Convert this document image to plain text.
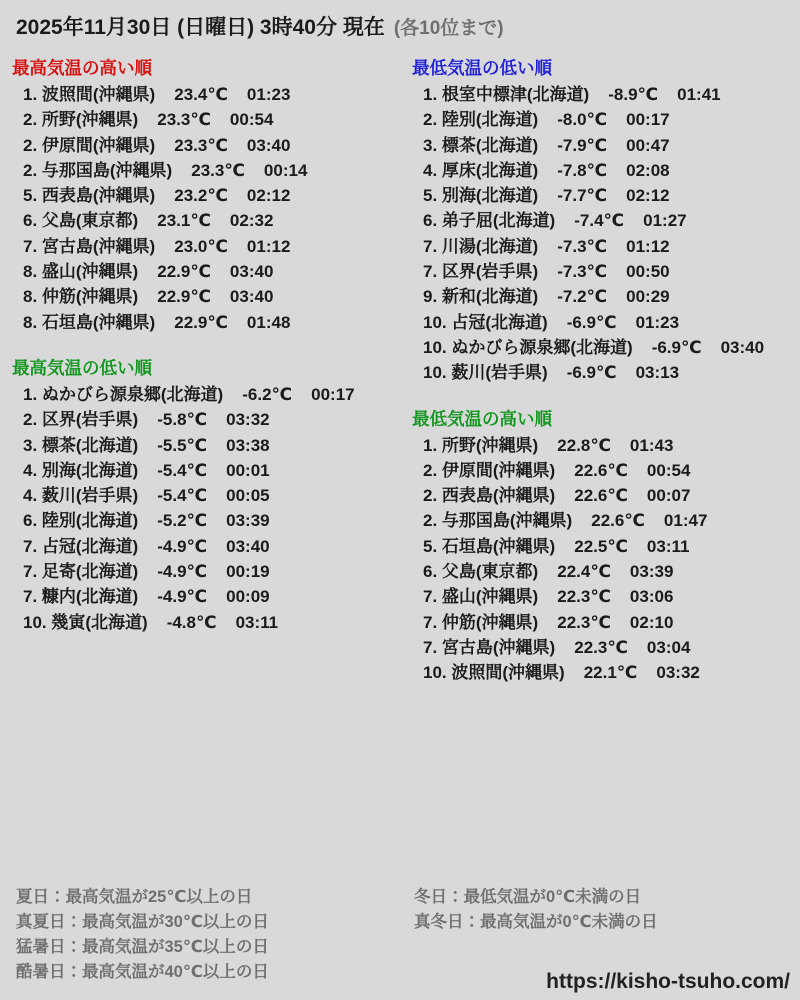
2025年11月30日 (日曜日) 3時40分 現在 (各10位まで)
最高気温の高い順
1. 波照間(沖縄県) 23.4℃ 01:23
2. 所野(沖縄県) 23.3℃ 00:54
2. 伊原間(沖縄県) 23.3℃ 03:40
2. 与那国島(沖縄県) 23.3℃ 00:14
5. 西表島(沖縄県) 23.2℃ 02:12
6. 父島(東京都) 23.1℃ 02:32
7. 宮古島(沖縄県) 23.0℃ 01:12
8. 盛山(沖縄県) 22.9℃ 03:40
8. 仲筋(沖縄県) 22.9℃ 03:40
8. 石垣島(沖縄県) 22.9℃ 01:48
最高気温の低い順
1. ぬかびら源泉郷(北海道) -6.2℃ 00:17
2. 区界(岩手県) -5.8℃ 03:32
3. 標茶(北海道) -5.5℃ 03:38
4. 別海(北海道) -5.4℃ 00:01
4. 薮川(岩手県) -5.4℃ 00:05
6. 陸別(北海道) -5.2℃ 03:39
7. 占冠(北海道) -4.9℃ 03:40
7. 足寄(北海道) -4.9℃ 00:19
7. 糠内(北海道) -4.9℃ 00:09
10. 幾寅(北海道) -4.8℃ 03:11
最低気温の低い順
1. 根室中標津(北海道) -8.9℃ 01:41
2. 陸別(北海道) -8.0℃ 00:17
3. 標茶(北海道) -7.9℃ 00:47
4. 厚床(北海道) -7.8℃ 02:08
5. 別海(北海道) -7.7℃ 02:12
6. 弟子屈(北海道) -7.4℃ 01:27
7. 川湯(北海道) -7.3℃ 01:12
7. 区界(岩手県) -7.3℃ 00:50
9. 新和(北海道) -7.2℃ 00:29
10. 占冠(北海道) -6.9℃ 01:23
10. ぬかびら源泉郷(北海道) -6.9℃ 03:40
10. 薮川(岩手県) -6.9℃ 03:13
最低気温の高い順
1. 所野(沖縄県) 22.8℃ 01:43
2. 伊原間(沖縄県) 22.6℃ 00:54
2. 西表島(沖縄県) 22.6℃ 00:07
2. 与那国島(沖縄県) 22.6℃ 01:47
5. 石垣島(沖縄県) 22.5℃ 03:11
6. 父島(東京都) 22.4℃ 03:39
7. 盛山(沖縄県) 22.3℃ 03:06
7. 仲筋(沖縄県) 22.3℃ 02:10
7. 宮古島(沖縄県) 22.3℃ 03:04
10. 波照間(沖縄県) 22.1℃ 03:32
夏日：最高気温が25℃以上の日
真夏日：最高気温が30℃以上の日
猛暑日：最高気温が35℃以上の日
酷暑日：最高気温が40℃以上の日
冬日：最低気温が0℃未満の日
真冬日：最高気温が0℃未満の日
https://kisho-tsuho.com/
